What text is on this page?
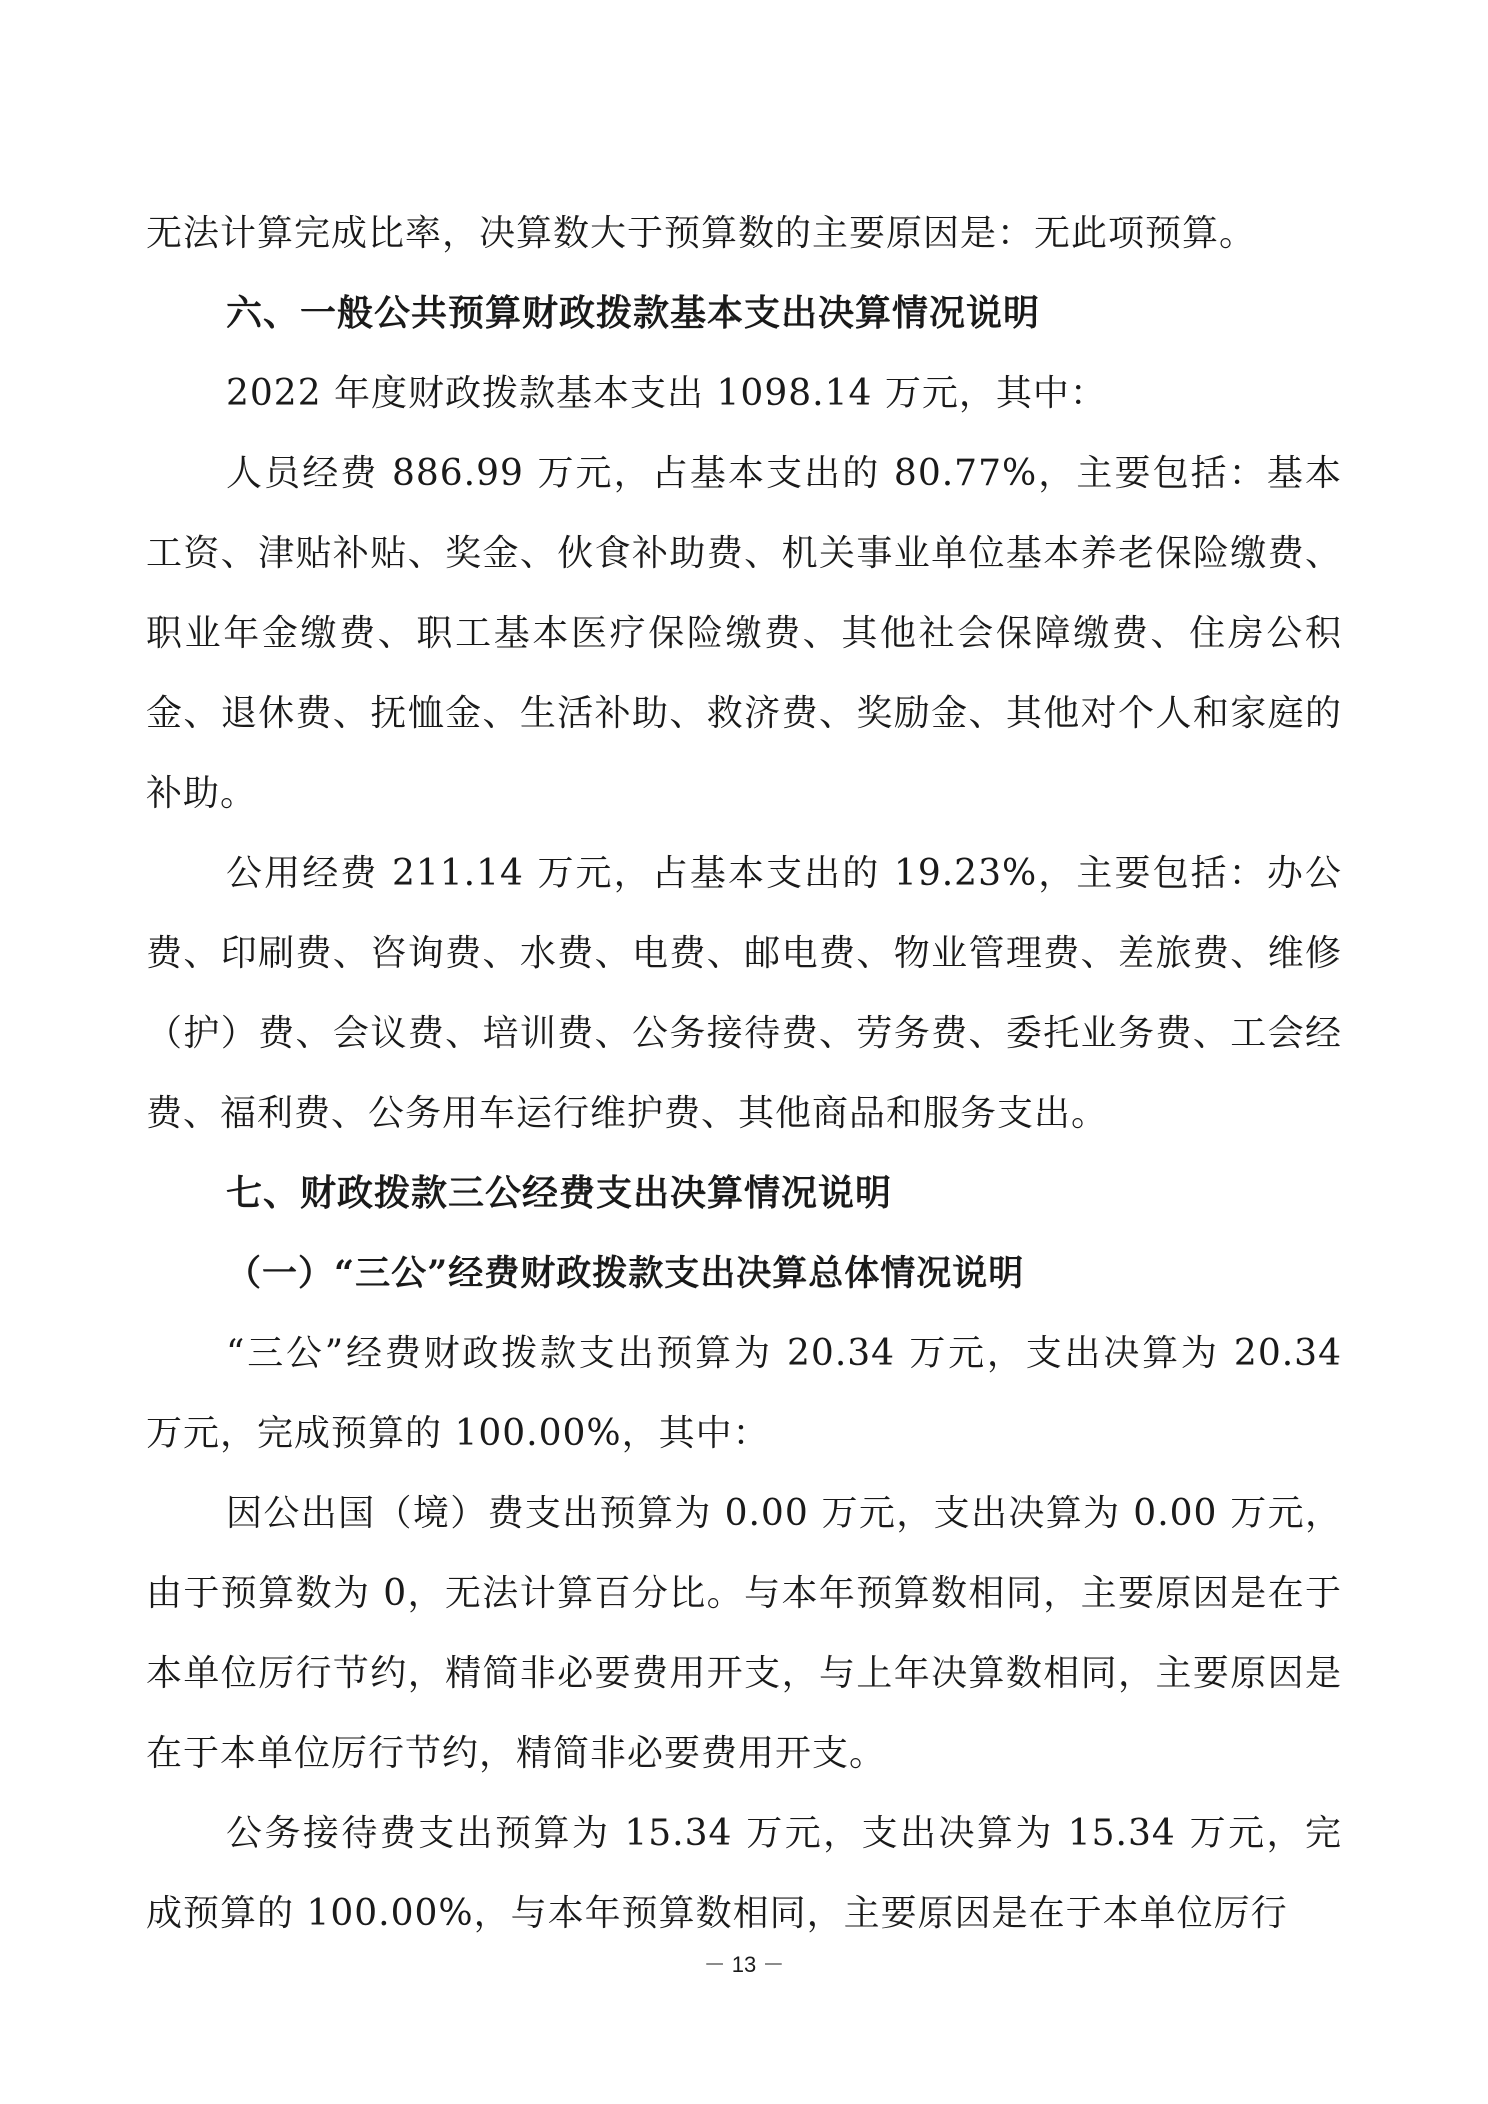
无法计算完成比率，决算数大于预算数的主要原因是：无此项预算。

六、一般公共预算财政拨款基本支出决算情况说明

2022 年度财政拨款基本支出 1098.14 万元，其中：

人员经费 886.99 万元，占基本支出的 80.77%，主要包括：基本工资、津贴补贴、奖金、伙食补助费、机关事业单位基本养老保险缴费、职业年金缴费、职工基本医疗保险缴费、其他社会保障缴费、住房公积金、退休费、抚恤金、生活补助、救济费、奖励金、其他对个人和家庭的补助。

公用经费 211.14 万元，占基本支出的 19.23%，主要包括：办公费、印刷费、咨询费、水费、电费、邮电费、物业管理费、差旅费、维修（护）费、会议费、培训费、公务接待费、劳务费、委托业务费、工会经费、福利费、公务用车运行维护费、其他商品和服务支出。

七、财政拨款三公经费支出决算情况说明

（一）“三公”经费财政拨款支出决算总体情况说明

“三公”经费财政拨款支出预算为 20.34 万元，支出决算为 20.34 万元，完成预算的 100.00%，其中：

因公出国（境）费支出预算为 0.00 万元，支出决算为 0.00 万元，由于预算数为 0，无法计算百分比。与本年预算数相同，主要原因是在于本单位厉行节约，精简非必要费用开支，与上年决算数相同，主要原因是在于本单位厉行节约，精简非必要费用开支。

公务接待费支出预算为 15.34 万元，支出决算为 15.34 万元，完成预算的 100.00%，与本年预算数相同，主要原因是在于本单位厉行

－ 13 －
